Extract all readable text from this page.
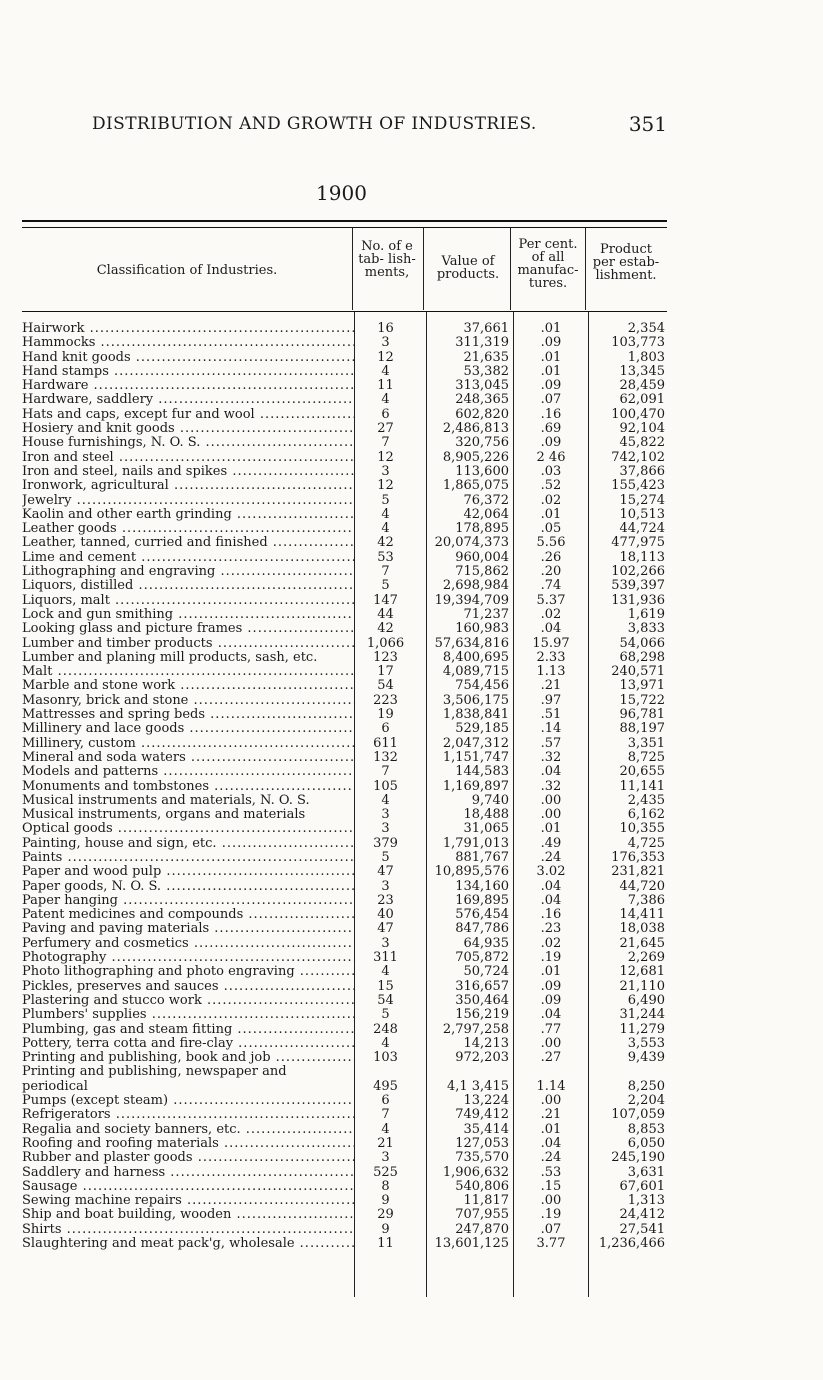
DISTRIBUTION AND GROWTH OF INDUSTRIES.	351
1900
Classification of Industries.
No. of e tab- lish- ments,
Value of products.
Per cent. of all manufac- tures.
Product per estab- lishment.
Hairwork .....	16	37,661	.01	2,354

Hammocks .....	3	311,319	.09	103,773

Hand knit goods .....	12	21,635	.01	1,803

Hand stamps .....	4	53,382	.01	13,345

Hardware .....	11	313,045	.09	28,459

Hardware, saddlery .....	4	248,365	.07	62,091

Hats and caps, except fur and wool .....	6	602,820	.16	100,470

Hosiery and knit goods .....	27	2,486,813	.69	92,104

House furnishings, N. O. S. .....	7	320,756	.09	45,822

Iron and steel .....	12	8,905,226	2 46	742,102

Iron and steel, nails and spikes .....	3	113,600	.03	37,866

Ironwork, agricultural .....	12	1,865,075	.52	155,423

Jewelry .....	5	76,372	.02	15,274

Kaolin and other earth grinding .....	4	42,064	.01	10,513

Leather goods .....	4	178,895	.05	44,724

Leather, tanned, curried and finished .....	42	20,074,373	5.56	477,975

Lime and cement .....	53	960,004	.26	18,113

Lithographing and engraving .....	7	715,862	.20	102,266

Liquors, distilled .....	5	2,698,984	.74	539,397

Liquors, malt .....	147	19,394,709	5.37	131,936

Lock and gun smithing .....	44	71,237	.02	1,619

Looking glass and picture frames .....	42	160,983	.04	3,833

Lumber and timber products .....	1,066	57,634,816	15.97	54,066

Lumber and planing mill products, sash, etc.	123	8,400,695	2.33	68,298

Malt .....	17	4,089,715	1.13	240,571

Marble and stone work .....	54	754,456	.21	13,971

Masonry, brick and stone .....	223	3,506,175	.97	15,722

Mattresses and spring beds .....	19	1,838,841	.51	96,781

Millinery and lace goods .....	6	529,185	.14	88,197

Millinery, custom .....	611	2,047,312	.57	3,351

Mineral and soda waters .....	132	1,151,747	.32	8,725

Models and patterns .....	7	144,583	.04	20,655

Monuments and tombstones .....	105	1,169,897	.32	11,141

Musical instruments and materials, N. O. S.	4	9,740	.00	2,435

Musical instruments, organs and materials	3	18,488	.00	6,162

Optical goods .....	3	31,065	.01	10,355

Painting, house and sign, etc. .....	379	1,791,013	.49	4,725

Paints .....	5	881,767	.24	176,353

Paper and wood pulp .....	47	10,895,576	3.02	231,821

Paper goods, N. O. S. .....	3	134,160	.04	44,720

Paper hanging .....	23	169,895	.04	7,386

Patent medicines and compounds .....	40	576,454	.16	14,411

Paving and paving materials .....	47	847,786	.23	18,038

Perfumery and cosmetics .....	3	64,935	.02	21,645

Photography .....	311	705,872	.19	2,269

Photo lithographing and photo engraving .....	4	50,724	.01	12,681

Pickles, preserves and sauces .....	15	316,657	.09	21,110

Plastering and stucco work .....	54	350,464	.09	6,490

Plumbers' supplies .....	5	156,219	.04	31,244

Plumbing, gas and steam fitting .....	248	2,797,258	.77	11,279

Pottery, terra cotta and fire-clay .....	4	14,213	.00	3,553

Printing and publishing, book and job .....	103	972,203	.27	9,439

Printing and publishing, newspaper and periodical	495	4,1 3,415	1.14	8,250

Pumps (except steam) .....	6	13,224	.00	2,204

Refrigerators .....	7	749,412	.21	107,059

Regalia and society banners, etc. .....	4	35,414	.01	8,853

Roofing and roofing materials .....	21	127,053	.04	6,050

Rubber and plaster goods .....	3	735,570	.24	245,190

Saddlery and harness .....	525	1,906,632	.53	3,631

Sausage .....	8	540,806	.15	67,601

Sewing machine repairs .....	9	11,817	.00	1,313

Ship and boat building, wooden .....	29	707,955	.19	24,412

Shirts .....	9	247,870	.07	27,541

Slaughtering and meat pack'g, wholesale .....	11	13,601,125	3.77	1,236,466
